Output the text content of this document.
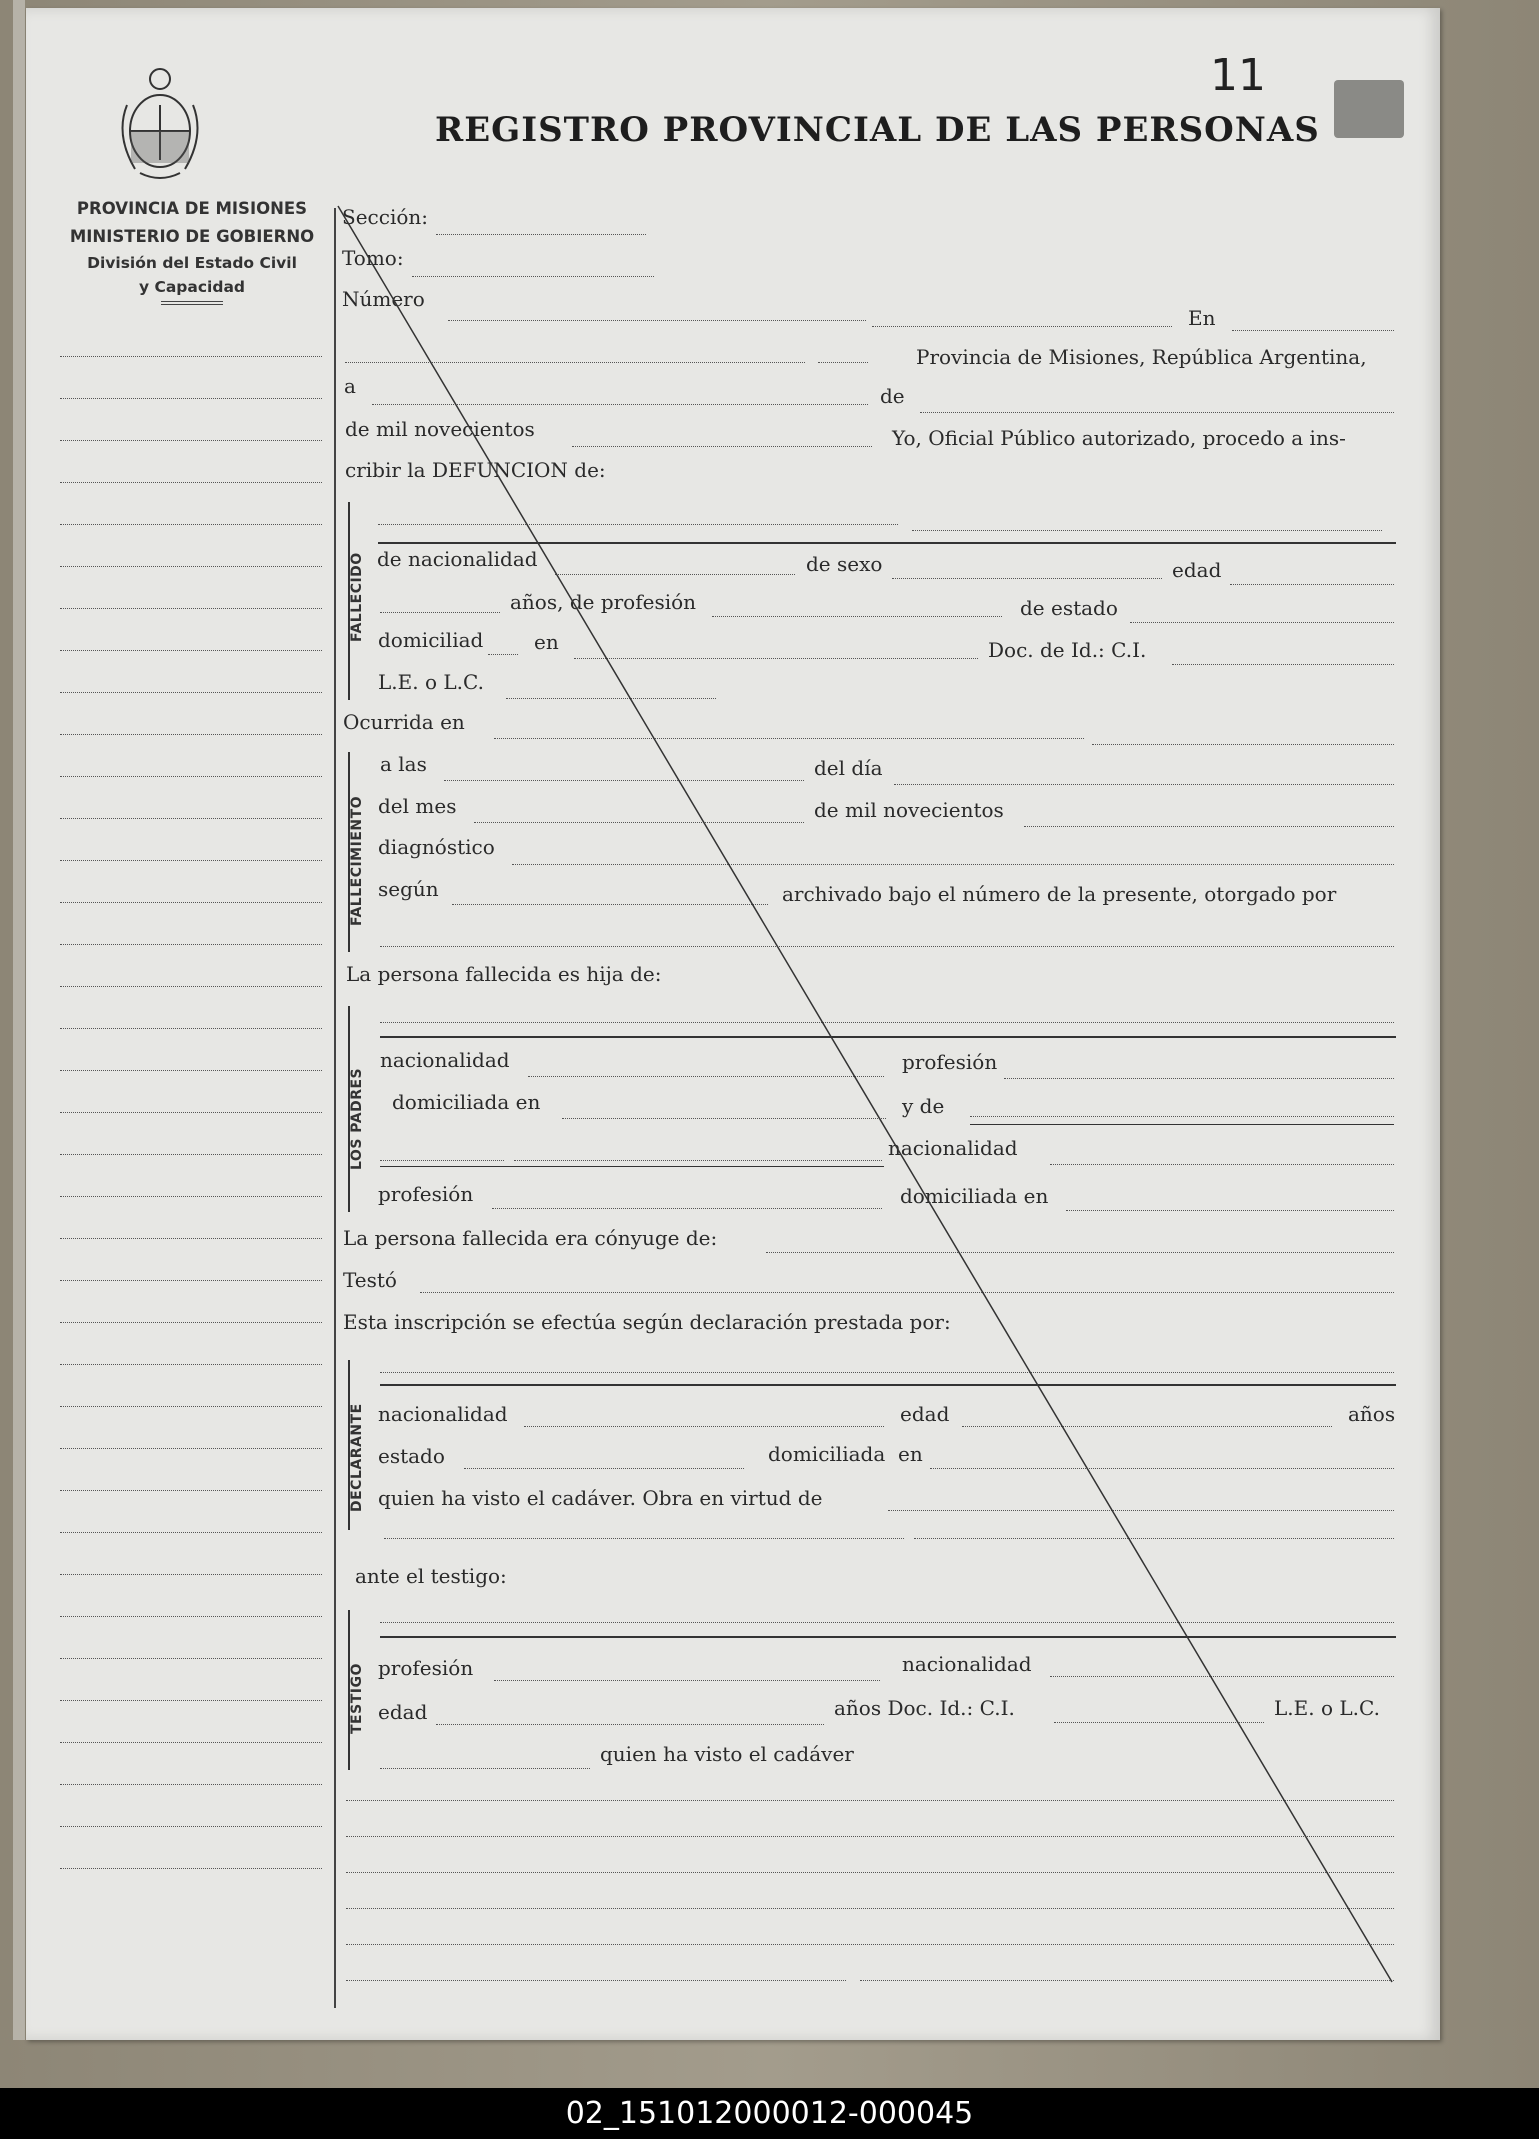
11
REGISTRO PROVINCIAL DE LAS PERSONAS
PROVINCIA DE MISIONES
MINISTERIO DE GOBIERNO
División del Estado Civil
y Capacidad
Sección:
Tomo:
Número
En
Provincia de Misiones, República Argentina,
a	de
de mil novecientos	Yo, Oficial Público autorizado, procedo a ins-
cribir la DEFUNCION de:
FALLECIDO de nacionalidad	de sexo	edad
años, de profesión	de estado
domiciliad	en	Doc. de Id.: C.I.
L.E. o L.C.
Ocurrida en
FALLECIMIENTO
a las	del día
del mes	de mil novecientos
diagnóstico
según	archivado bajo el número de la presente, otorgado por
La persona fallecida es hija de:
LOS PADRES
nacionalidad	profesión
domiciliada en	y de
nacionalidad
profesión	domiciliada en
La persona fallecida era cónyuge de:
Testó
Esta inscripción se efectúa según declaración prestada por:
DECLARANTE nacionalidad	edad	años
estado	domiciliada en
quien ha visto el cadáver. Obra en virtud de
ante el testigo:
TESTIGO profesión	nacionalidad
edad	años Doc. Id.: C.I.	L.E. o L.C.
quien ha visto el cadáver
02_151012000012-000045
